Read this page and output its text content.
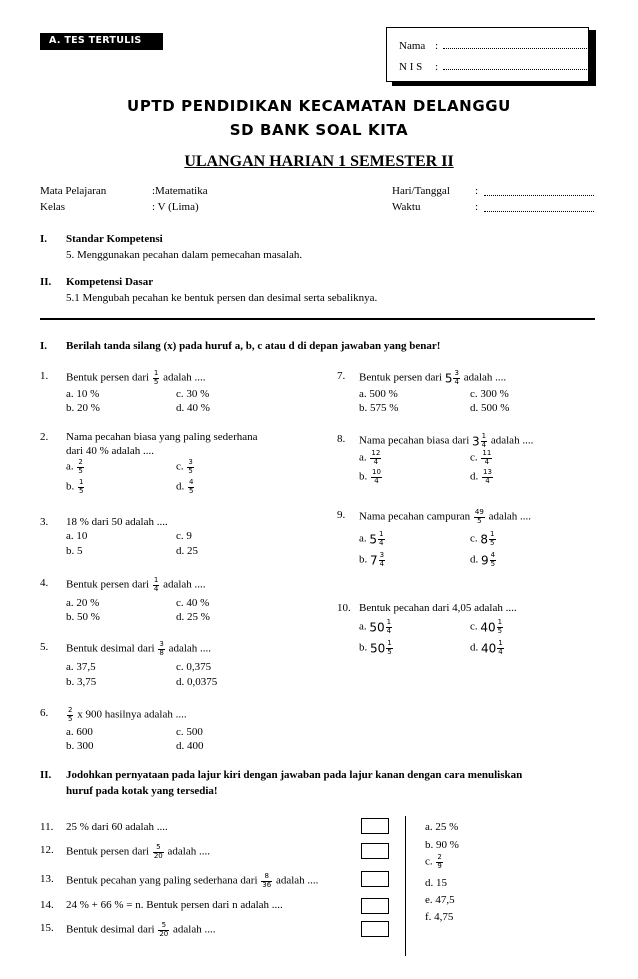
A. TES TERTULIS	Nama :
N I S :
UPTD PENDIDIKAN KECAMATAN DELANGGU
SD BANK SOAL KITA
ULANGAN HARIAN 1 SEMESTER II
Mata Pelajaran	:Matematika
Kelas	: V (Lima)
Hari/Tanggal :
Waktu	:
I. Standar Kompetensi
5. Menggunakan pecahan dalam pemecahan masalah.
II. Kompetensi Dasar
5.1 Mengubah pecahan ke bentuk persen dan desimal serta sebaliknya.
I. Berilah tanda silang (x) pada huruf a, b, c atau d di depan jawaban yang benar!
1. Bentuk persen dari $\frac{1}{5}$ adalah ....
a. 10 %
b. 20 %
c. 30 %
d. 40 %
2. Nama pecahan biasa yang paling sederhana
dari 40 % adalah ....
a. $\frac{2}{5}$
b. $\frac{1}{5}$
c. $\frac{3}{5}$
d. $\frac{4}{5}$
3. 18 % dari 50 adalah ....
a. 10
b. 5
c. 9
d. 25
4. Bentuk persen dari $\frac{1}{4}$ adalah ....
a. 20 %
b. 50 %
c. 40 %
d. 25 %
5. Bentuk desimal dari $\frac{3}{8}$ adalah ....
a. 37,5
b. 3,75
c. 0,375
d. 0,0375
6.	$\frac{2}{5}$ x 900 hasilnya adalah ....
a. 600
b. 300
c. 500
d. 400
7. Bentuk persen dari $5 \frac{3}{4}$ adalah ....
a. 500 %
b. 575 %
c. 300 %
d. 500 %
8. Nama pecahan biasa dari $3 \frac{1}{4}$ adalah ....
a. $\frac{12}{4}$
b. $\frac{10}{4}$
c. $\frac{11}{4}$
d. $\frac{13}{4}$
9. Nama pecahan campuran $\frac{49}{5}$ adalah ....
a. $5 \frac{1}{4}$
b. $7 \frac{3}{4}$
c. $8 \frac{1}{5}$
d. $9 \frac{4}{5}$
10. Bentuk pecahan dari 4,05 adalah ....
a. $50 \frac{1}{4}$
b. $50 \frac{1}{5}$
c. $40 \frac{1}{5}$
d. $40 \frac{1}{4}$
II. Jodohkan pernyataan pada lajur kiri dengan jawaban pada lajur kanan dengan cara menuliskan
huruf pada kotak yang tersedia!
11. 25 % dari 60 adalah ....
12. Bentuk persen dari $\frac{5}{20}$ adalah ....
13. Bentuk pecahan yang paling sederhana dari $\frac{8}{36}$ adalah ....
14. 24 % + 66 % = n. Bentuk persen dari n adalah ....
15. Bentuk desimal dari $\frac{5}{20}$ adalah ....
a. 25 %
b. 90 %
c. $\frac{2}{9}$
d. 15
e. 47,5
f. 4,75
